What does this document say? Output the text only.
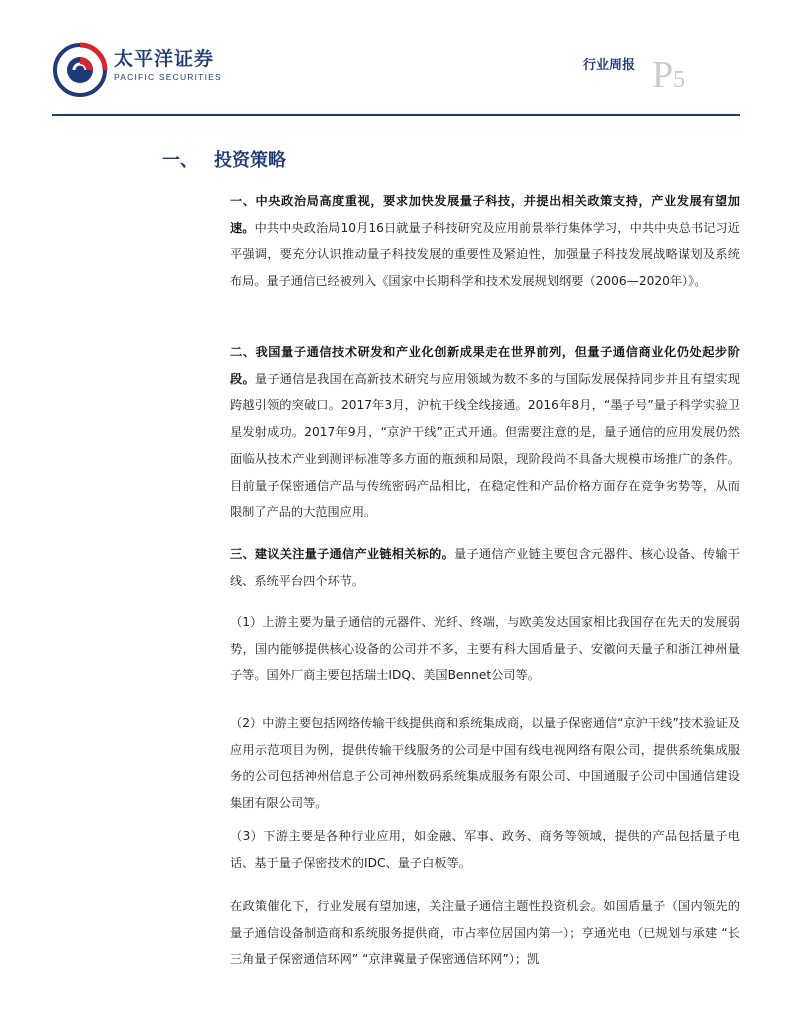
太平洋证券
PACIFIC SECURITIES
行业周报 P5
一、 投资策略
一、中央政治局高度重视，要求加快发展量子科技，并提出相关政策支持，产业发展有望加速。中共中央政治局10月16日就量子科技研究及应用前景举行集体学习，中共中央总书记习近平强调，要充分认识推动量子科技发展的重要性及紧迫性，加强量子科技发展战略谋划及系统布局。量子通信已经被列入《国家中长期科学和技术发展规划纲要（2006—2020年）》。
二、我国量子通信技术研发和产业化创新成果走在世界前列，但量子通信商业化仍处起步阶段。量子通信是我国在高新技术研究与应用领域为数不多的与国际发展保持同步并且有望实现跨越引领的突破口。2017年3月，沪杭干线全线接通。2016年8月，“墨子号”量子科学实验卫星发射成功。2017年9月，“京沪干线”正式开通。但需要注意的是，量子通信的应用发展仍然面临从技术产业到测评标准等多方面的瓶颈和局限，现阶段尚不具备大规模市场推广的条件。目前量子保密通信产品与传统密码产品相比，在稳定性和产品价格方面存在竞争劣势等，从而限制了产品的大范围应用。
三、建议关注量子通信产业链相关标的。量子通信产业链主要包含元器件、核心设备、传输干线、系统平台四个环节。
（1）上游主要为量子通信的元器件、光纤、终端，与欧美发达国家相比我国存在先天的发展弱势，国内能够提供核心设备的公司并不多，主要有科大国盾量子、安徽问天量子和浙江神州量子等。国外厂商主要包括瑞士IDQ、美国Bennet公司等。
（2）中游主要包括网络传输干线提供商和系统集成商，以量子保密通信“京沪干线”技术验证及应用示范项目为例，提供传输干线服务的公司是中国有线电视网络有限公司，提供系统集成服务的公司包括神州信息子公司神州数码系统集成服务有限公司、中国通服子公司中国通信建设集团有限公司等。
（3）下游主要是各种行业应用，如金融、军事、政务、商务等领域，提供的产品包括量子电话、基于量子保密技术的IDC、量子白板等。
在政策催化下，行业发展有望加速，关注量子通信主题性投资机会。如国盾量子（国内领先的量子通信设备制造商和系统服务提供商，市占率位居国内第一）；亨通光电（已规划与承建 “长三角量子保密通信环网” “京津冀量子保密通信环网”）；凯
